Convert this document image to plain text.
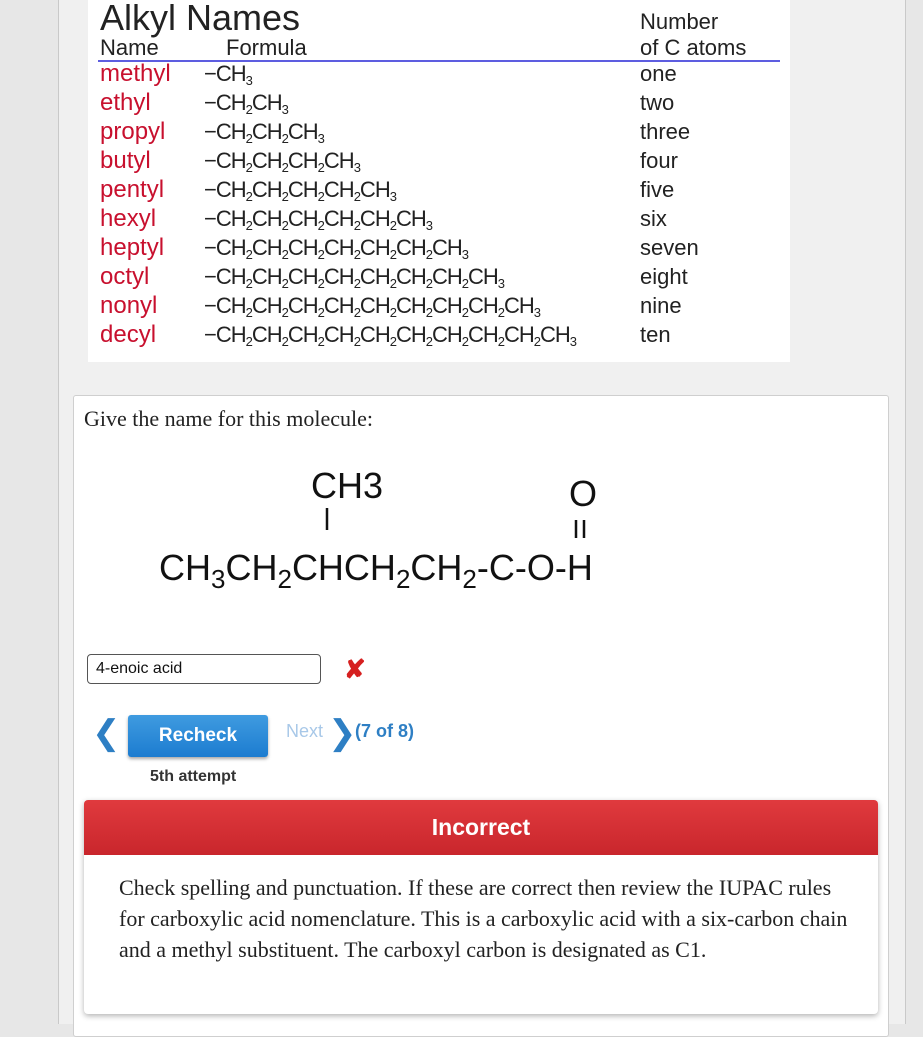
Alkyl Names
Name	Formula
Number
of C atoms
methyl $-CH_3$	one
ethyl $-CH_2CH_3$	two
propyl $-CH_2CH_2CH_3$	three
butyl $-CH_2CH_2CH_2CH_3$	four
pentyl $-CH_2CH_2CH_2CH_2CH_3$	five
hexyl $-CH_2CH_2CH_2CH_2CH_2CH_3$	six
heptyl $-CH_2CH_2CH_2CH_2CH_2CH_2CH_3$	seven
octyl $-CH_2CH_2CH_2CH_2CH_2CH_2CH_2CH_3$	eight
nonyl $-CH_2CH_2CH_2CH_2CH_2CH_2CH_2CH_2CH_3$	nine
decyl $-CH_2CH_2CH_2CH_2CH_2CH_2CH_2CH_2CH_2CH_3$	ten
Give the name for this molecule:
CH3	O
$CH_3CH_2CHCH_2CH_2-C-O-H$
4-enoic acid
✘
❮	Recheck	Next ❯
(7 of 8)
5th attempt
Incorrect
Check spelling and punctuation. If these are correct then review the IUPAC rules for carboxylic acid nomenclature. This is a carboxylic acid with a six-carbon chain and a methyl substituent. The carboxyl carbon is designated as C1.
